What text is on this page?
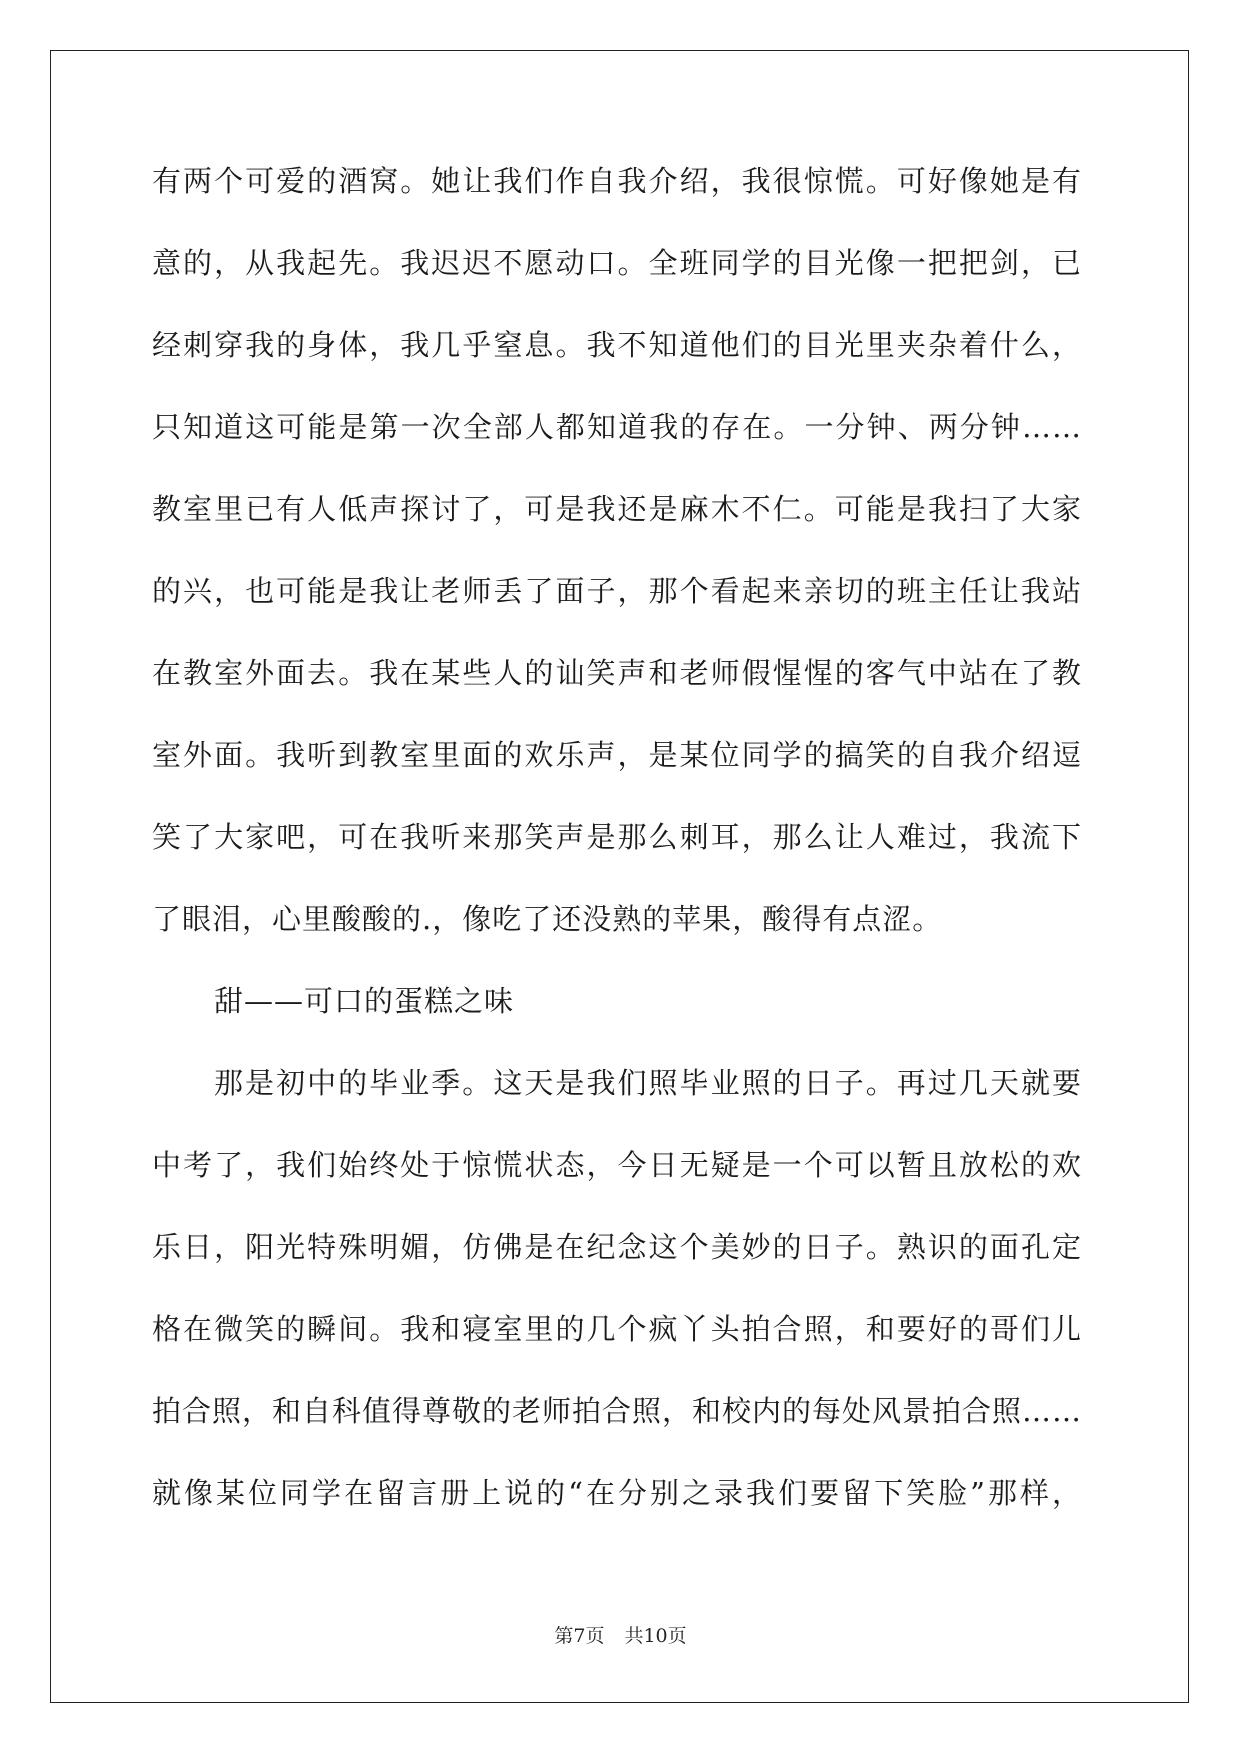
有两个可爱的酒窝。她让我们作自我介绍，我很惊慌。可好像她是有
意的，从我起先。我迟迟不愿动口。全班同学的目光像一把把剑，已
经刺穿我的身体，我几乎窒息。我不知道他们的目光里夹杂着什么，
只知道这可能是第一次全部人都知道我的存在。一分钟、两分钟……
教室里已有人低声探讨了，可是我还是麻木不仁。可能是我扫了大家
的兴，也可能是我让老师丢了面子，那个看起来亲切的班主任让我站
在教室外面去。我在某些人的讪笑声和老师假惺惺的客气中站在了教
室外面。我听到教室里面的欢乐声，是某位同学的搞笑的自我介绍逗
笑了大家吧，可在我听来那笑声是那么刺耳，那么让人难过，我流下
了眼泪，心里酸酸的.，像吃了还没熟的苹果，酸得有点涩。
甜——可口的蛋糕之味
那是初中的毕业季。这天是我们照毕业照的日子。再过几天就要
中考了，我们始终处于惊慌状态，今日无疑是一个可以暂且放松的欢
乐日，阳光特殊明媚，仿佛是在纪念这个美妙的日子。熟识的面孔定
格在微笑的瞬间。我和寝室里的几个疯丫头拍合照，和要好的哥们儿
拍合照，和自科值得尊敬的老师拍合照，和校内的每处风景拍合照……
就像某位同学在留言册上说的“在分别之录我们要留下笑脸”那样，
第7页 共10页
